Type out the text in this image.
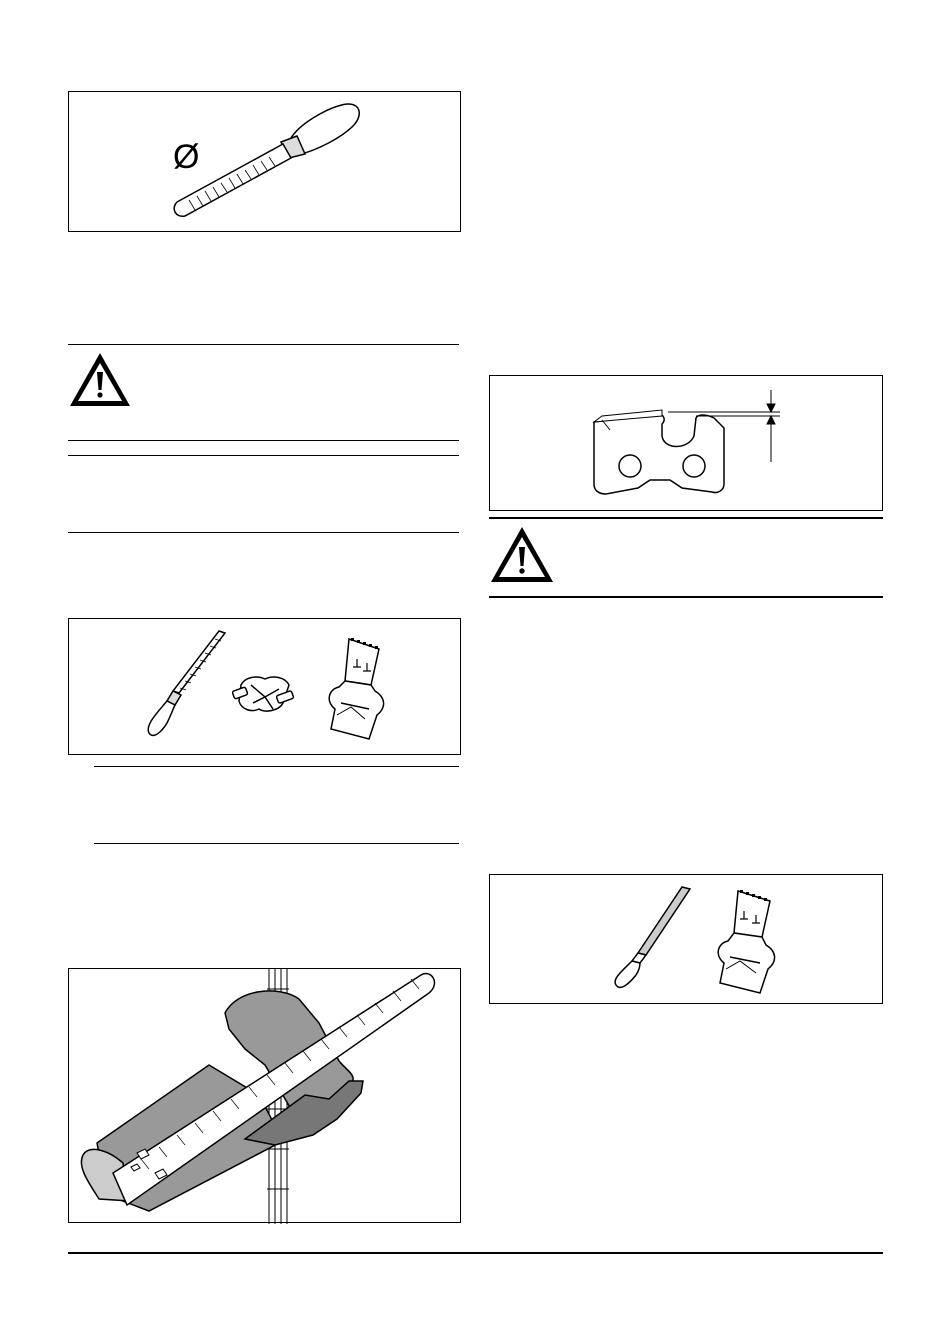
Ø
